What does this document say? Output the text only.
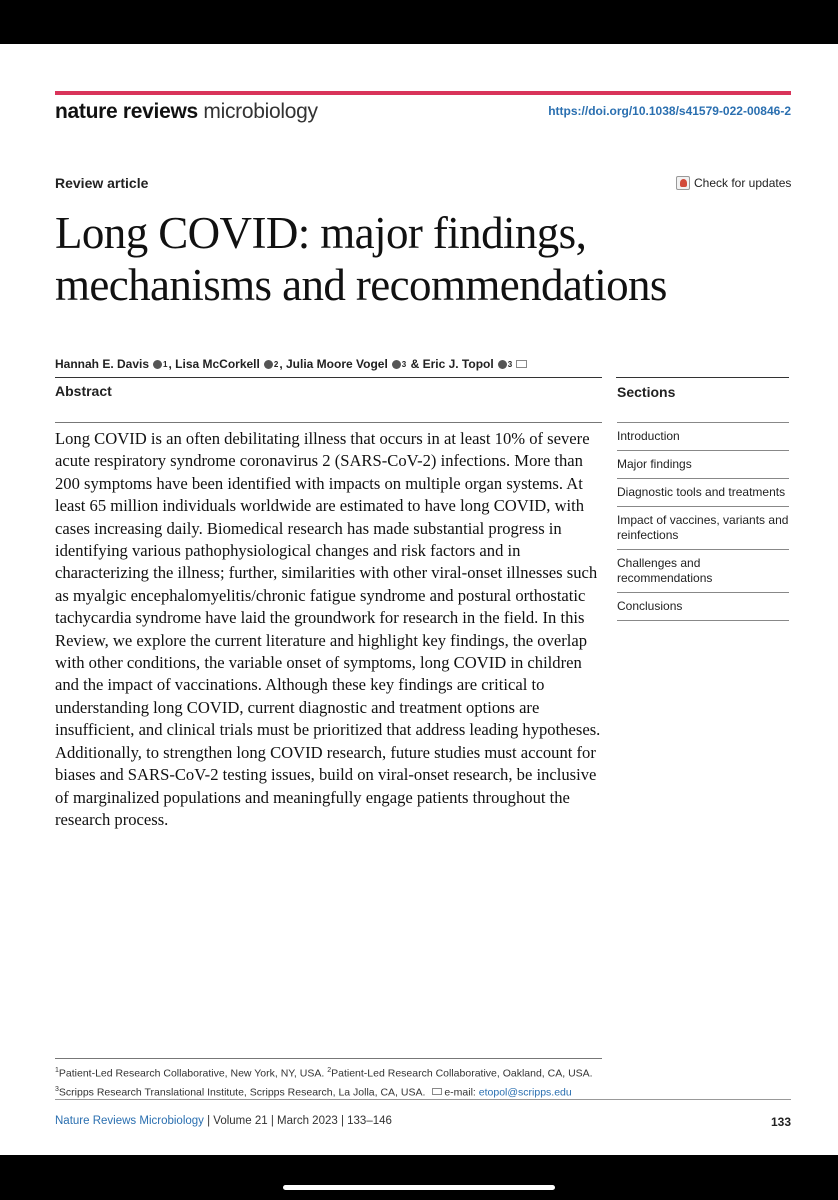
nature reviews microbiology	https://doi.org/10.1038/s41579-022-00846-2
Review article	Check for updates
Long COVID: major findings,
mechanisms and recommendations
Hannah E. Davis 1 , Lisa McCorkell 2 , Julia Moore Vogel 3 & Eric J. Topol 3
Abstract
Long COVID is an often debilitating illness that occurs in at least 10% of severe acute respiratory syndrome coronavirus 2 (SARS-CoV-2) infections. More than 200 symptoms have been identified with impacts on multiple organ systems. At least 65 million individuals worldwide are estimated to have long COVID, with cases increasing daily. Biomedical research has made substantial progress in identifying various pathophysiological changes and risk factors and in characterizing the illness; further, similarities with other viral-onset illnesses such as myalgic encephalomyelitis/chronic fatigue syndrome and postural orthostatic tachycardia syndrome have laid the groundwork for research in the field. In this Review, we explore the current literature and highlight key findings, the overlap with other conditions, the variable onset of symptoms, long COVID in children and the impact of vaccinations. Although these key findings are critical to understanding long COVID, current diagnostic and treatment options are insufficient, and clinical trials must be prioritized that address leading hypotheses. Additionally, to strengthen long COVID research, future studies must account for biases and SARS-CoV-2 testing issues, build on viral-onset research, be inclusive of marginalized populations and meaningfully engage patients throughout the research process.
Sections
Introduction
Major findings
Diagnostic tools and treatments
Impact of vaccines, variants and reinfections
Challenges and recommendations
Conclusions
$^1$Patient-Led Research Collaborative, New York, NY, USA. $^2$Patient-Led Research Collaborative, Oakland, CA, USA.
$^3$Scripps Research Translational Institute, Scripps Research, La Jolla, CA, USA. e-mail: etopol@scripps.edu
Nature Reviews Microbiology | Volume 21 | March 2023 | 133–146	133
